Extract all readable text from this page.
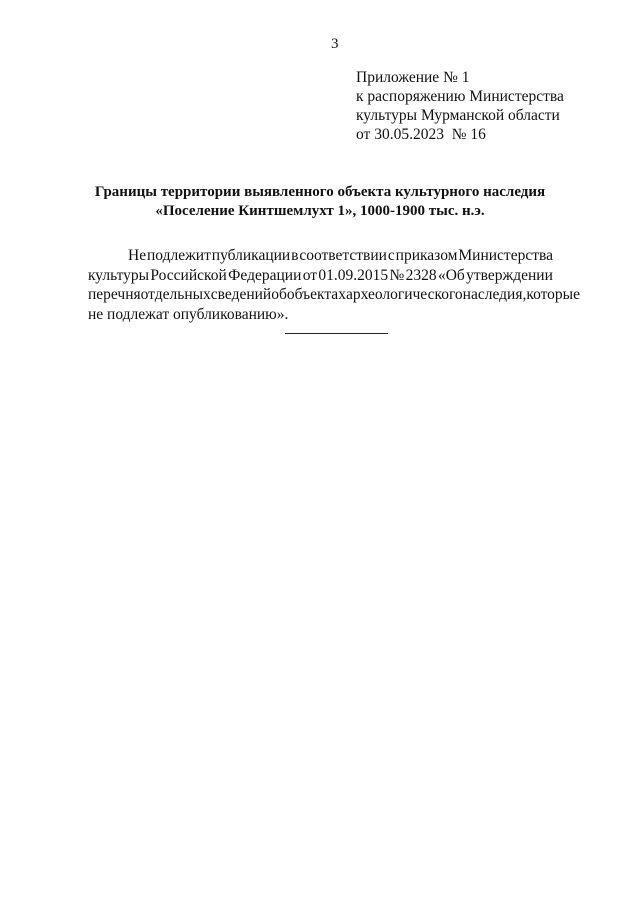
3
Приложение № 1
к распоряжению Министерства
культуры Мурманской области
от 30.05.2023  № 16
Границы территории выявленного объекта культурного наследия
«Поселение Кинтшемлухт 1», 1000-1900 тыс. н.э.
Не подлежит публикации в соответствии с приказом Министерства
культуры Российской Федерации от 01.09.2015 № 2328 «Об утверждении
перечня отдельных сведений об объектах археологического наследия, которые
не подлежат опубликованию».
